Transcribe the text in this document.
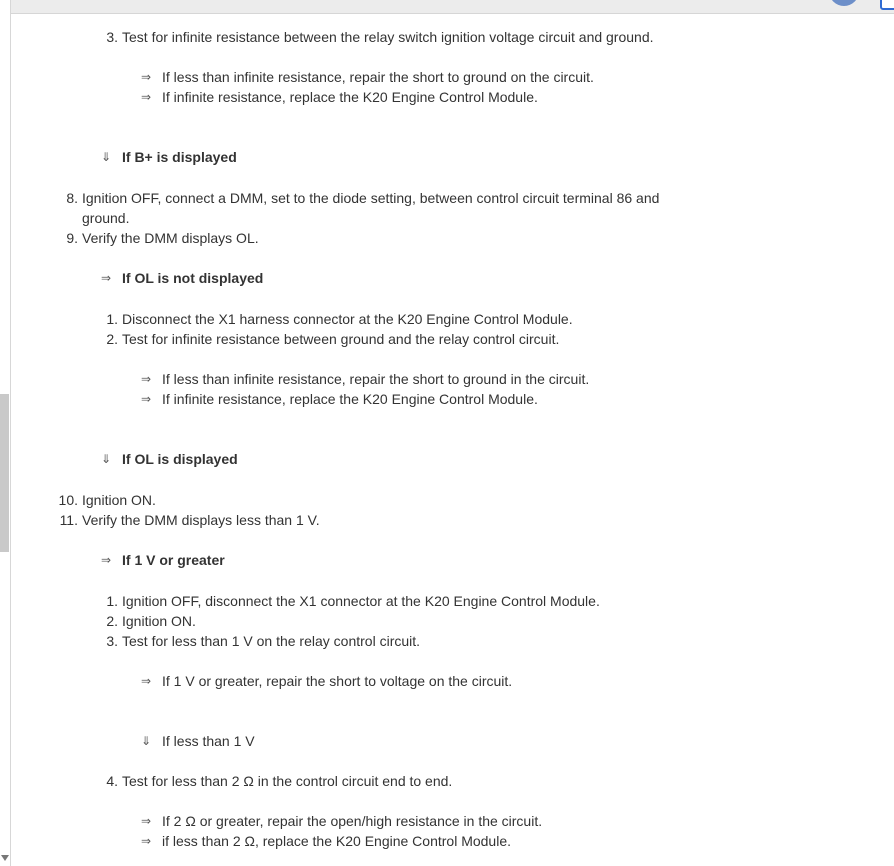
3. Test for infinite resistance between the relay switch ignition voltage circuit and ground.
⇒ If less than infinite resistance, repair the short to ground on the circuit.
⇒ If infinite resistance, replace the K20 Engine Control Module.
⇓ If B+ is displayed
8. Ignition OFF, connect a DMM, set to the diode setting, between control circuit terminal 86 and
ground.
9. Verify the DMM displays OL.
⇒ If OL is not displayed
1. Disconnect the X1 harness connector at the K20 Engine Control Module.
2. Test for infinite resistance between ground and the relay control circuit.
⇒ If less than infinite resistance, repair the short to ground in the circuit.
⇒ If infinite resistance, replace the K20 Engine Control Module.
⇓ If OL is displayed
10. Ignition ON.
11. Verify the DMM displays less than 1 V.
⇒ If 1 V or greater
1. Ignition OFF, disconnect the X1 connector at the K20 Engine Control Module.
2. Ignition ON.
3. Test for less than 1 V on the relay control circuit.
⇒ If 1 V or greater, repair the short to voltage on the circuit.
⇓ If less than 1 V
4. Test for less than 2 Ω in the control circuit end to end.
⇒ If 2 Ω or greater, repair the open/high resistance in the circuit.
⇒ if less than 2 Ω, replace the K20 Engine Control Module.
